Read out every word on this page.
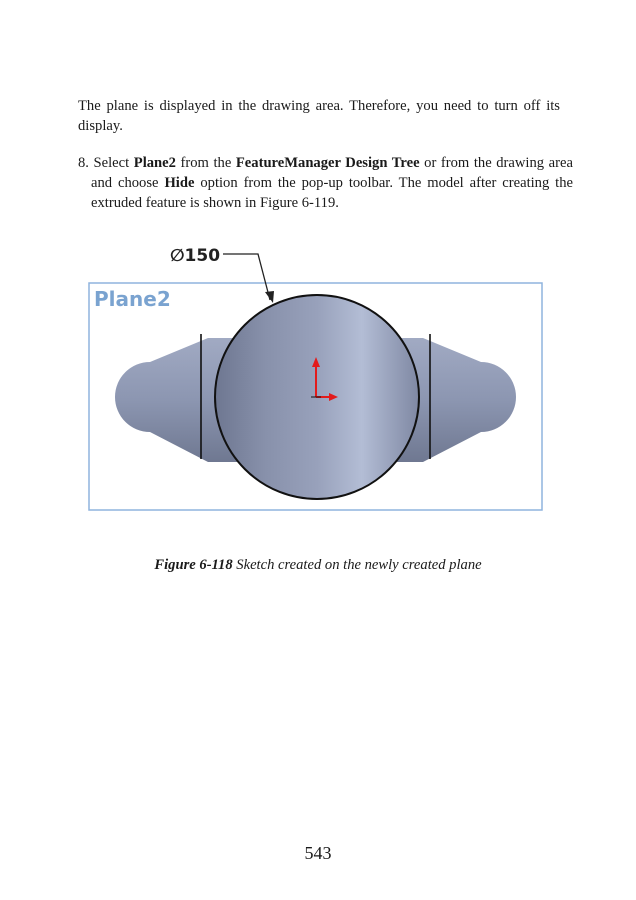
The plane is displayed in the drawing area. Therefore, you need to turn off its display.
8. Select Plane2 from the FeatureManager Design Tree or from the drawing area and choose Hide option from the pop-up toolbar. The model after creating the extruded feature is shown in Figure 6-119.
Plane2
∅150
Figure 6-118 Sketch created on the newly created plane
543
